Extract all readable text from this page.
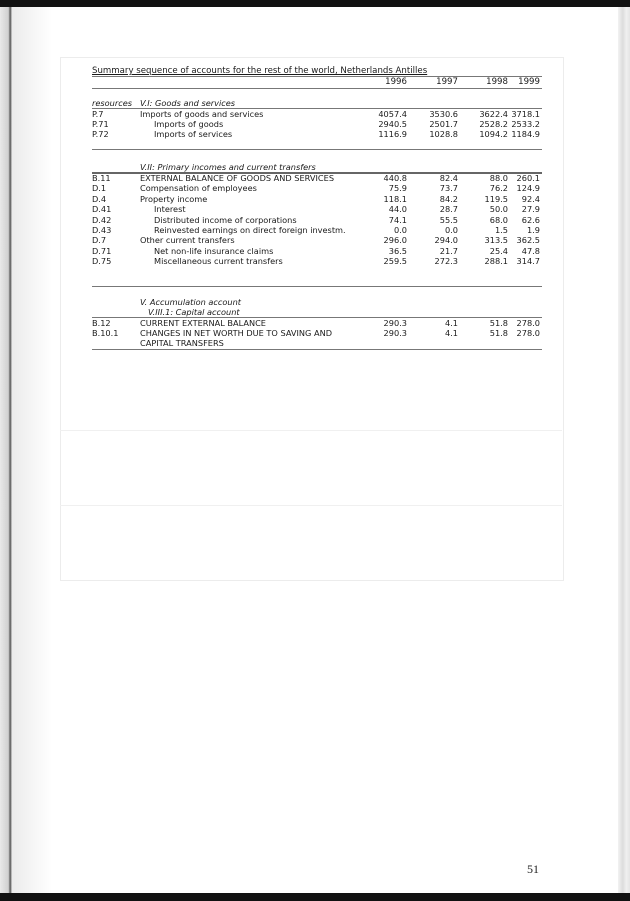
Summary sequence of accounts for the rest of the world, Netherlands Antilles
1996	1997	1998	1999
resources V.I: Goods and services
P.7	Imports of goods and services	4057.4	3530.6	3622.4 3718.1
P.71	Imports of goods	2940.5	2501.7	2528.2 2533.2
P.72	Imports of services	1116.9	1028.8	1094.2 1184.9
V.II: Primary incomes and current transfers
B.11	EXTERNAL BALANCE OF GOODS AND SERVICES	440.8	82.4	88.0	260.1
D.1	Compensation of employees	75.9	73.7	76.2	124.9
D.4	Property income	118.1	84.2	119.5	92.4
D.41	Interest	44.0	28.7	50.0	27.9
D.42	Distributed income of corporations	74.1	55.5	68.0	62.6
D.43	Reinvested earnings on direct foreign investm.	0.0	0.0	1.5	1.9
D.7	Other current transfers	296.0	294.0	313.5	362.5
D.71	Net non-life insurance claims	36.5	21.7	25.4	47.8
D.75	Miscellaneous current transfers	259.5	272.3	288.1	314.7
V. Accumulation account
V.III.1: Capital account
B.12	CURRENT EXTERNAL BALANCE	290.3	4.1	51.8	278.0
B.10.1	CHANGES IN NET WORTH DUE TO SAVING AND	290.3	4.1	51.8	278.0
CAPITAL TRANSFERS
51
